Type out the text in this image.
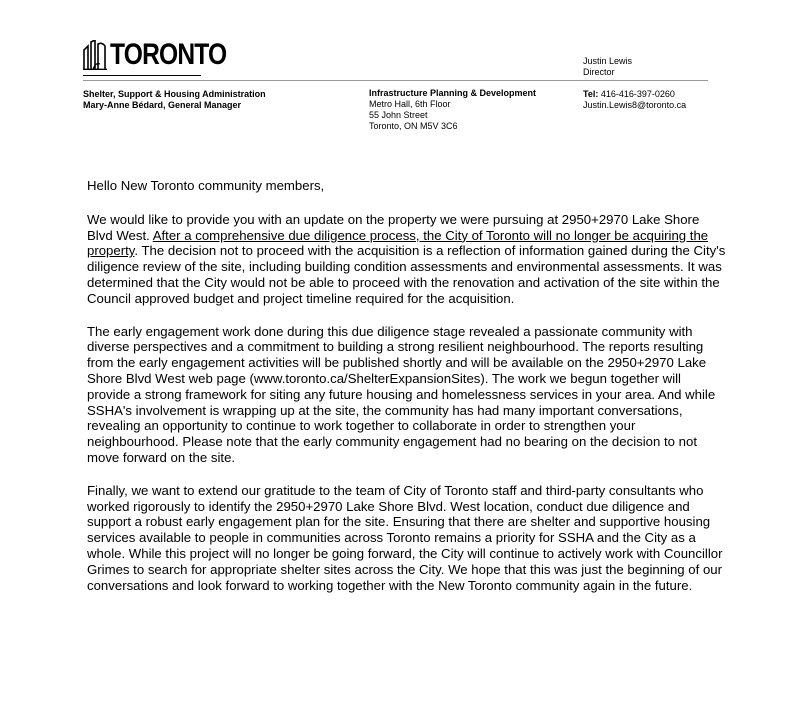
TORONTO	Justin Lewis
Director
Shelter, Support & Housing Administration
Mary-Anne Bédard, General Manager
Infrastructure Planning & Development
Metro Hall, 6th Floor
55 John Street
Toronto, ON M5V 3C6
Tel: 416-416-397-0260
Justin.Lewis8@toronto.ca

Hello New Toronto community members,

We would like to provide you with an update on the property we were pursuing at 2950+2970 Lake Shore Blvd West. After a comprehensive due diligence process, the City of Toronto will no longer be acquiring the property. The decision not to proceed with the acquisition is a reflection of information gained during the City's diligence review of the site, including building condition assessments and environmental assessments. It was determined that the City would not be able to proceed with the renovation and activation of the site within the Council approved budget and project timeline required for the acquisition.

The early engagement work done during this due diligence stage revealed a passionate community with diverse perspectives and a commitment to building a strong resilient neighbourhood. The reports resulting from the early engagement activities will be published shortly and will be available on the 2950+2970 Lake Shore Blvd West web page (www.toronto.ca/ShelterExpansionSites). The work we begun together will provide a strong framework for siting any future housing and homelessness services in your area. And while SSHA's involvement is wrapping up at the site, the community has had many important conversations, revealing an opportunity to continue to work together to collaborate in order to strengthen your neighbourhood. Please note that the early community engagement had no bearing on the decision to not move forward on the site.

Finally, we want to extend our gratitude to the team of City of Toronto staff and third-party consultants who worked rigorously to identify the 2950+2970 Lake Shore Blvd. West location, conduct due diligence and support a robust early engagement plan for the site. Ensuring that there are shelter and supportive housing services available to people in communities across Toronto remains a priority for SSHA and the City as a whole. While this project will no longer be going forward, the City will continue to actively work with Councillor Grimes to search for appropriate shelter sites across the City. We hope that this was just the beginning of our conversations and look forward to working together with the New Toronto community again in the future.
